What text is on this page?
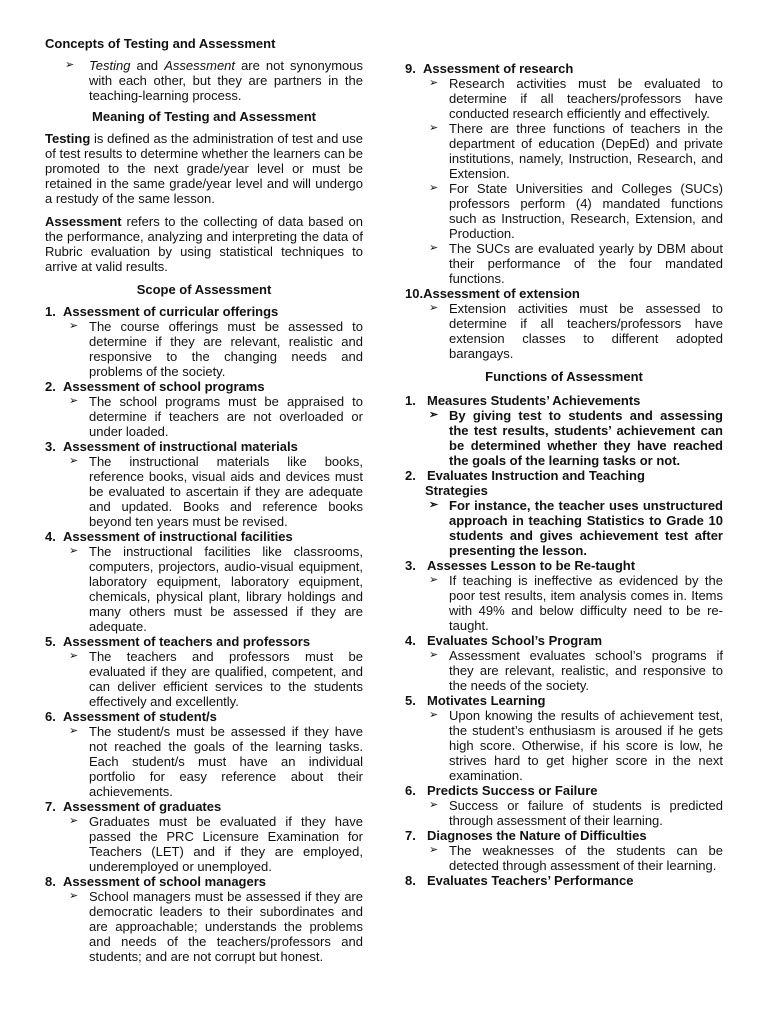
Concepts of Testing and Assessment
➢ Testing and Assessment are not synonymous with each other, but they are partners in the teaching-learning process.
Meaning of Testing and Assessment

Testing is defined as the administration of test and use of test results to determine whether the learners can be promoted to the next grade/year level or must be retained in the same grade/year level and will undergo a restudy of the same lesson.

Assessment refers to the collecting of data based on the performance, analyzing and interpreting the data of Rubric evaluation by using statistical techniques to arrive at valid results.

Scope of Assessment
1. Assessment of curricular offerings
➢ The course offerings must be assessed to determine if they are relevant, realistic and responsive to the changing needs and problems of the society.
2. Assessment of school programs
➢ The school programs must be appraised to determine if teachers are not overloaded or under loaded.
3. Assessment of instructional materials
➢ The instructional materials like books, reference books, visual aids and devices must be evaluated to ascertain if they are adequate and updated. Books and reference books beyond ten years must be revised.
4. Assessment of instructional facilities
➢ The instructional facilities like classrooms, computers, projectors, audio-visual equipment, laboratory equipment, laboratory equipment, chemicals, physical plant, library holdings and many others must be assessed if they are adequate.
5. Assessment of teachers and professors
➢ The teachers and professors must be evaluated if they are qualified, competent, and can deliver efficient services to the students effectively and excellently.
6. Assessment of student/s
➢ The student/s must be assessed if they have not reached the goals of the learning tasks. Each student/s must have an individual portfolio for easy reference about their achievements.
7. Assessment of graduates
➢ Graduates must be evaluated if they have passed the PRC Licensure Examination for Teachers (LET) and if they are employed, underemployed or unemployed.
8. Assessment of school managers
➢ School managers must be assessed if they are democratic leaders to their subordinates and are approachable; understands the problems and needs of the teachers/professors and students; and are not corrupt but honest.
9. Assessment of research
➢ Research activities must be evaluated to determine if all teachers/professors have conducted research efficiently and effectively.
➢ There are three functions of teachers in the department of education (DepEd) and private institutions, namely, Instruction, Research, and Extension.
➢ For State Universities and Colleges (SUCs) professors perform (4) mandated functions such as Instruction, Research, Extension, and Production.
➢ The SUCs are evaluated yearly by DBM about their performance of the four mandated functions.
10.Assessment of extension
➢ Extension activities must be assessed to determine if all teachers/professors have extension classes to different adopted barangays.
Functions of Assessment
1. Measures Students’ Achievements
➢ By giving test to students and assessing the test results, students’ achievement can be determined whether they have reached the goals of the learning tasks or not.
2. Evaluates Instruction and Teaching
Strategies
➢ For instance, the teacher uses unstructured approach in teaching Statistics to Grade 10 students and gives achievement test after presenting the lesson.
3. Assesses Lesson to be Re-taught
➢ If teaching is ineffective as evidenced by the poor test results, item analysis comes in. Items with 49% and below difficulty need to be re-taught.
4. Evaluates School’s Program
➢ Assessment evaluates school’s programs if they are relevant, realistic, and responsive to the needs of the society.
5. Motivates Learning
➢ Upon knowing the results of achievement test, the student’s enthusiasm is aroused if he gets high score. Otherwise, if his score is low, he strives hard to get higher score in the next examination.
6. Predicts Success or Failure
➢ Success or failure of students is predicted through assessment of their learning.
7. Diagnoses the Nature of Difficulties
➢ The weaknesses of the students can be detected through assessment of their learning.
8. Evaluates Teachers’ Performance
